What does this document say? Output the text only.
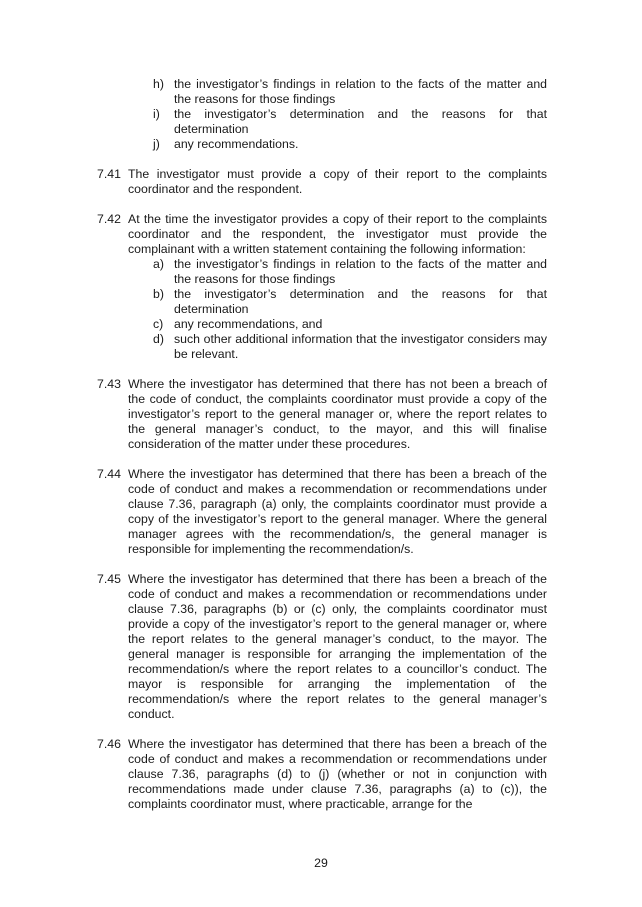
h) the investigator’s findings in relation to the facts of the matter and the reasons for those findings
i)	the investigator’s determination and the reasons for that determination
j)	any recommendations.
7.41 The investigator must provide a copy of their report to the complaints coordinator and the respondent.

7.42 At the time the investigator provides a copy of their report to the complaints coordinator and the respondent, the investigator must provide the complainant with a written statement containing the following information:

a) the investigator’s findings in relation to the facts of the matter and the reasons for those findings
b) the investigator’s determination and the reasons for that determination
c) any recommendations, and
d) such other additional information that the investigator considers may be relevant.
7.43 Where the investigator has determined that there has not been a breach of the code of conduct, the complaints coordinator must provide a copy of the investigator’s report to the general manager or, where the report relates to the general manager’s conduct, to the mayor, and this will finalise consideration of the matter under these procedures.

7.44 Where the investigator has determined that there has been a breach of the code of conduct and makes a recommendation or recommendations under clause 7.36, paragraph (a) only, the complaints coordinator must provide a copy of the investigator’s report to the general manager. Where the general manager agrees with the recommendation/s, the general manager is responsible for implementing the recommendation/s.

7.45 Where the investigator has determined that there has been a breach of the code of conduct and makes a recommendation or recommendations under clause 7.36, paragraphs (b) or (c) only, the complaints coordinator must provide a copy of the investigator’s report to the general manager or, where the report relates to the general manager’s conduct, to the mayor. The general manager is responsible for arranging the implementation of the recommendation/s where the report relates to a councillor’s conduct. The mayor is responsible for arranging the implementation of the recommendation/s where the report relates to the general manager’s conduct.

7.46 Where the investigator has determined that there has been a breach of the code of conduct and makes a recommendation or recommendations under clause 7.36, paragraphs (d) to (j) (whether or not in conjunction with recommendations made under clause 7.36, paragraphs (a) to (c)), the complaints coordinator must, where practicable, arrange for the

29
